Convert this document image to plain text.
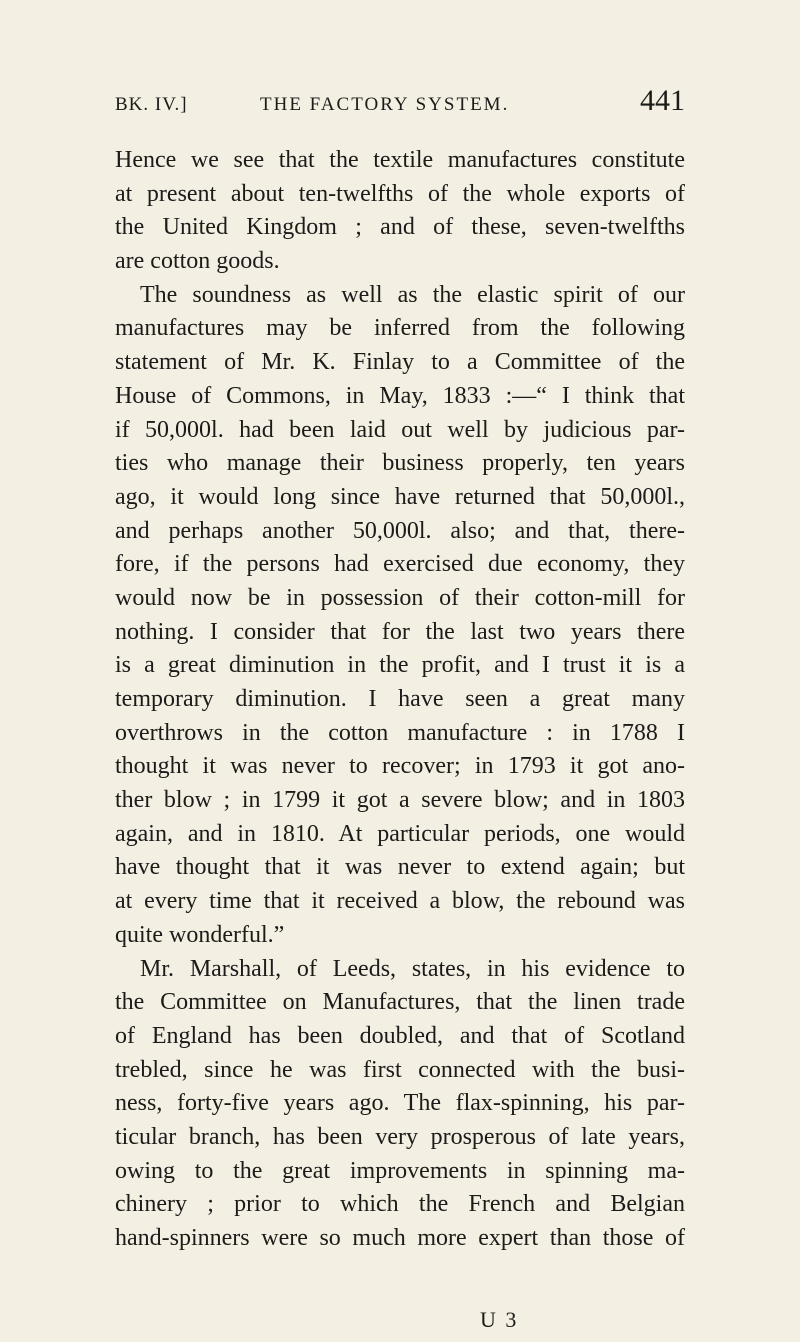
BK. IV.]	THE FACTORY SYSTEM.	441
Hence we see that the textile manufactures constitute
at present about ten-twelfths of the whole exports of
the United Kingdom ; and of these, seven-twelfths
are cotton goods.
The soundness as well as the elastic spirit of our
manufactures may be inferred from the following
statement of Mr. K. Finlay to a Committee of the
House of Commons, in May, 1833 :—“ I think that
if 50,000l. had been laid out well by judicious par-
ties who manage their business properly, ten years
ago, it would long since have returned that 50,000l.,
and perhaps another 50,000l. also; and that, there-
fore, if the persons had exercised due economy, they
would now be in possession of their cotton-mill for
nothing. I consider that for the last two years there
is a great diminution in the profit, and I trust it is a
temporary diminution. I have seen a great many
overthrows in the cotton manufacture : in 1788 I
thought it was never to recover; in 1793 it got ano-
ther blow ; in 1799 it got a severe blow; and in 1803
again, and in 1810. At particular periods, one would
have thought that it was never to extend again; but
at every time that it received a blow, the rebound was
quite wonderful.”
Mr. Marshall, of Leeds, states, in his evidence to
the Committee on Manufactures, that the linen trade
of England has been doubled, and that of Scotland
trebled, since he was first connected with the busi-
ness, forty-five years ago. The flax-spinning, his par-
ticular branch, has been very prosperous of late years,
owing to the great improvements in spinning ma-
chinery ; prior to which the French and Belgian
hand-spinners were so much more expert than those of
U 3
